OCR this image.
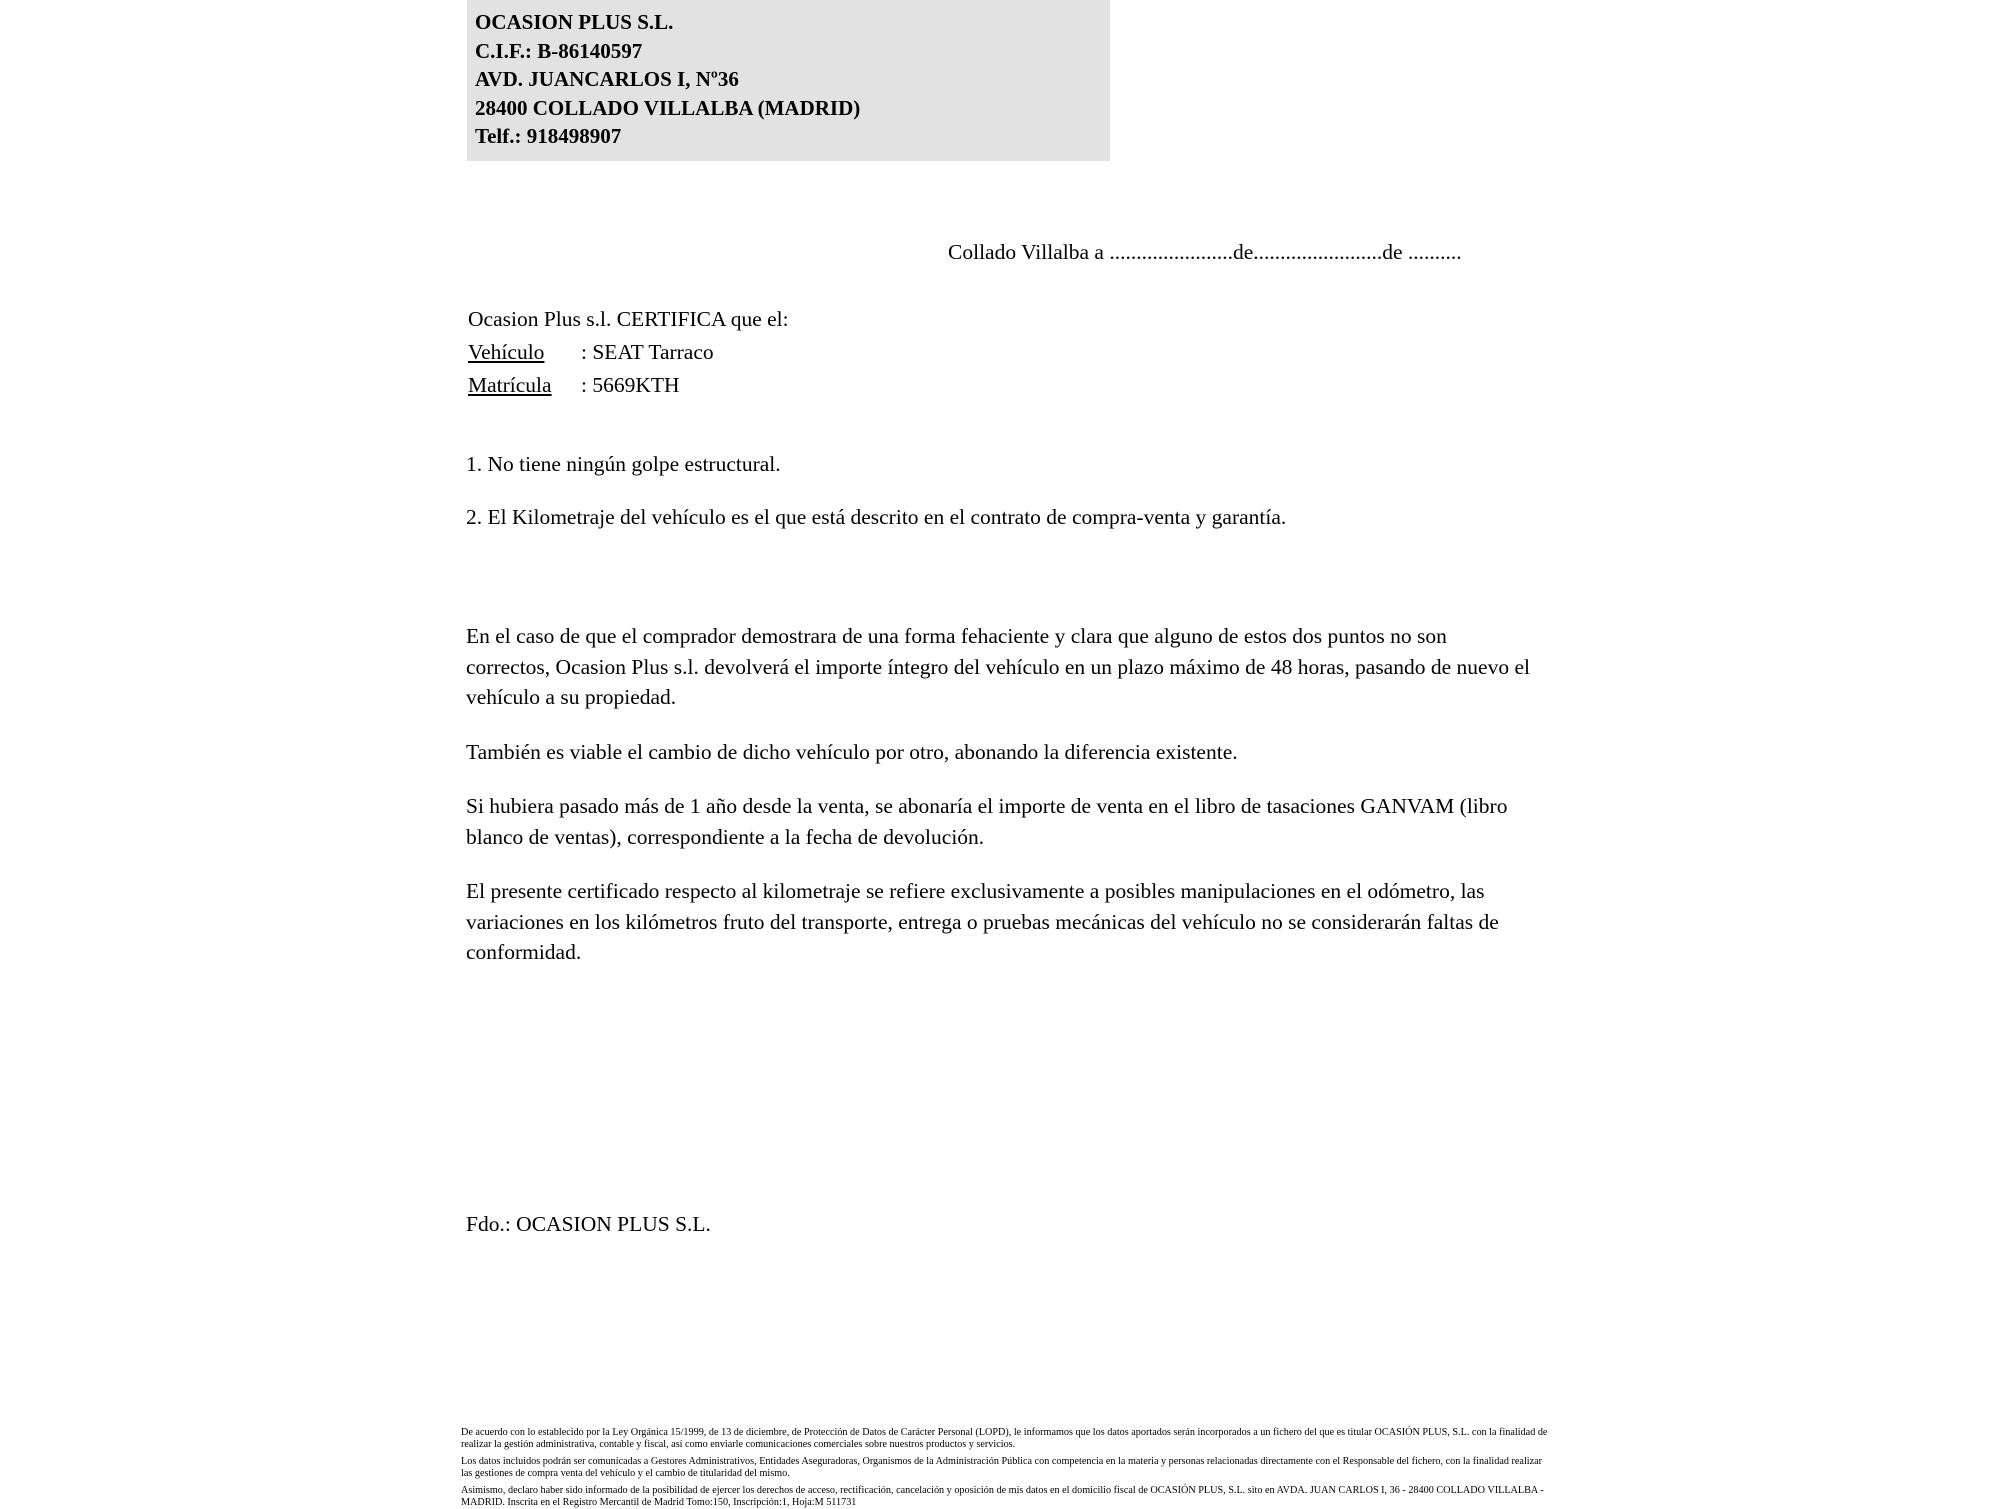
OCASION PLUS S.L.
C.I.F.: B-86140597
AVD. JUANCARLOS I, Nº36
28400 COLLADO VILLALBA (MADRID)
Telf.: 918498907
Collado Villalba a .......................de........................de ..........
Ocasion Plus s.l. CERTIFICA que el:
Vehículo : SEAT Tarraco
Matrícula : 5669KTH
1. No tiene ningún golpe estructural.
2. El Kilometraje del vehículo es el que está descrito en el contrato de compra-venta y garantía.

En el caso de que el comprador demostrara de una forma fehaciente y clara que alguno de estos dos puntos no son correctos, Ocasion Plus s.l. devolverá el importe íntegro del vehículo en un plazo máximo de 48 horas, pasando de nuevo el vehículo a su propiedad.

También es viable el cambio de dicho vehículo por otro, abonando la diferencia existente.

Si hubiera pasado más de 1 año desde la venta, se abonaría el importe de venta en el libro de tasaciones GANVAM (libro blanco de ventas), correspondiente a la fecha de devolución.

El presente certificado respecto al kilometraje se refiere exclusivamente a posibles manipulaciones en el odómetro, las variaciones en los kilómetros fruto del transporte, entrega o pruebas mecánicas del vehículo no se considerarán faltas de conformidad.

Fdo.: OCASION PLUS S.L.

De acuerdo con lo establecido por la Ley Orgánica 15/1999, de 13 de diciembre, de Protección de Datos de Carácter Personal (LOPD), le informamos que los datos aportados serán incorporados a un fichero del que es titular OCASIÓN PLUS, S.L. con la finalidad de realizar la gestión administrativa, contable y fiscal, así como enviarle comunicaciones comerciales sobre nuestros productos y servicios.

Los datos incluidos podrán ser comunicadas a Gestores Administrativos, Entidades Aseguradoras, Organismos de la Administración Pública con competencia en la materia y personas relacionadas directamente con el Responsable del fichero, con la finalidad realizar las gestiones de compra venta del vehículo y el cambio de titularidad del mismo.

Asimismo, declaro haber sido informado de la posibilidad de ejercer los derechos de acceso, rectificación, cancelación y oposición de mis datos en el domicilio fiscal de OCASIÓN PLUS, S.L. sito en AVDA. JUAN CARLOS I, 36 - 28400 COLLADO VILLALBA - MADRID. Inscrita en el Registro Mercantil de Madrid Tomo:150, Inscripción:1, Hoja:M 511731
